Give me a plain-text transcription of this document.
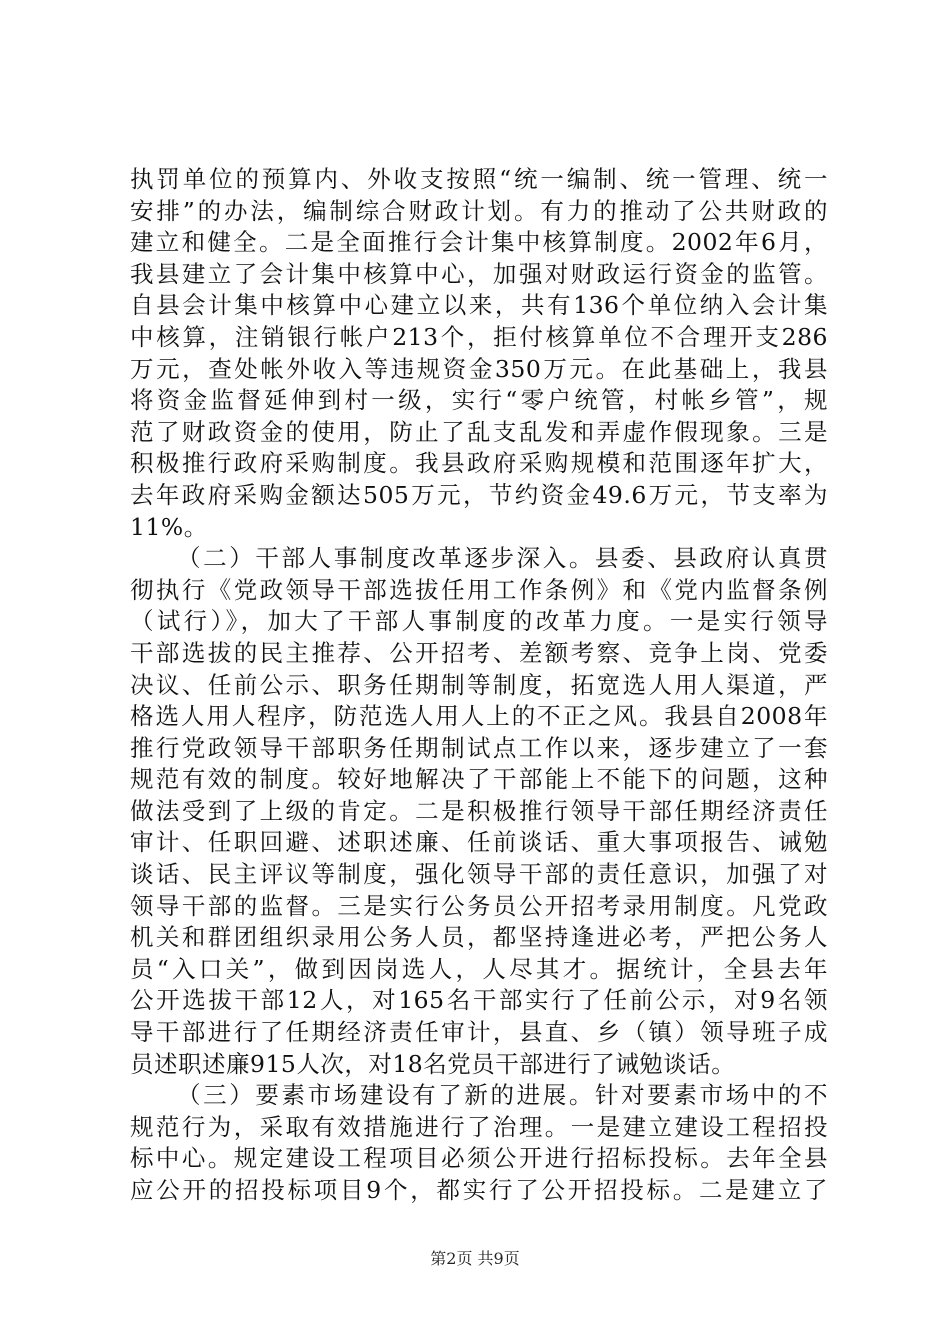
执罚单位的预算内、外收支按照“统一编制、统一管理、统一
安排”的办法，编制综合财政计划。有力的推动了公共财政的
建立和健全。二是全面推行会计集中核算制度。2002年6月，
我县建立了会计集中核算中心，加强对财政运行资金的监管。
自县会计集中核算中心建立以来，共有136个单位纳入会计集
中核算，注销银行帐户213个，拒付核算单位不合理开支286
万元，查处帐外收入等违规资金350万元。在此基础上，我县
将资金监督延伸到村一级，实行“零户统管，村帐乡管”，规
范了财政资金的使用，防止了乱支乱发和弄虚作假现象。三是
积极推行政府采购制度。我县政府采购规模和范围逐年扩大，
去年政府采购金额达505万元，节约资金49.6万元，节支率为
11%。
（二）干部人事制度改革逐步深入。县委、县政府认真贯
彻执行《党政领导干部选拔任用工作条例》和《党内监督条例
（试行）》，加大了干部人事制度的改革力度。一是实行领导
干部选拔的民主推荐、公开招考、差额考察、竞争上岗、党委
决议、任前公示、职务任期制等制度，拓宽选人用人渠道，严
格选人用人程序，防范选人用人上的不正之风。我县自2008年
推行党政领导干部职务任期制试点工作以来，逐步建立了一套
规范有效的制度。较好地解决了干部能上不能下的问题，这种
做法受到了上级的肯定。二是积极推行领导干部任期经济责任
审计、任职回避、述职述廉、任前谈话、重大事项报告、诫勉
谈话、民主评议等制度，强化领导干部的责任意识，加强了对
领导干部的监督。三是实行公务员公开招考录用制度。凡党政
机关和群团组织录用公务人员，都坚持逢进必考，严把公务人
员“入口关”，做到因岗选人，人尽其才。据统计，全县去年
公开选拔干部12人，对165名干部实行了任前公示，对9名领
导干部进行了任期经济责任审计，县直、乡（镇）领导班子成
员述职述廉915人次，对18名党员干部进行了诫勉谈话。
（三）要素市场建设有了新的进展。针对要素市场中的不
规范行为，采取有效措施进行了治理。一是建立建设工程招投
标中心。规定建设工程项目必须公开进行招标投标。去年全县
应公开的招投标项目9个，都实行了公开招投标。二是建立了
第2页 共9页
